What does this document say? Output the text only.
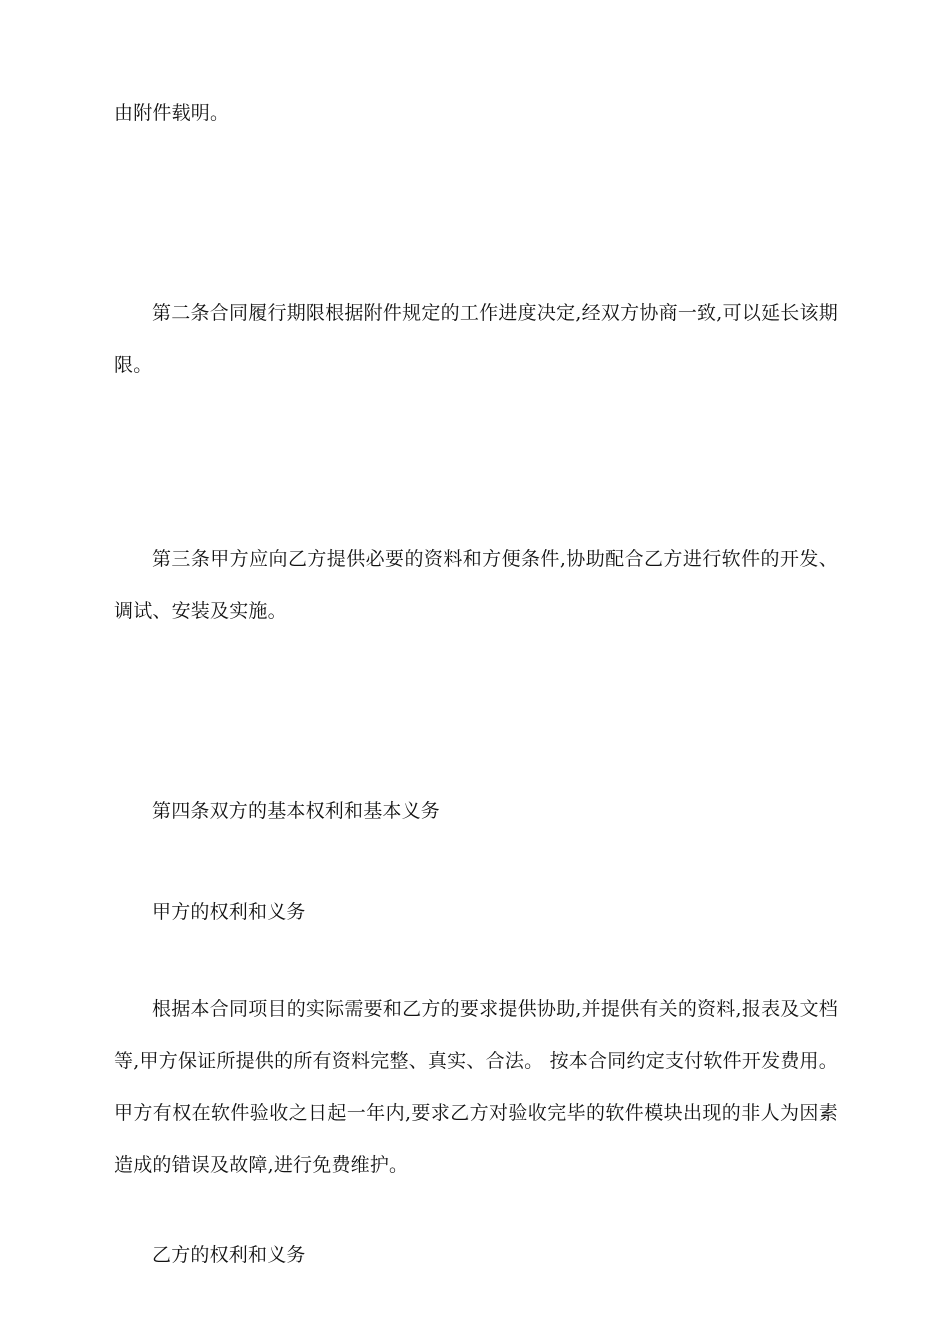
由附件载明。

第二条合同履行期限根据附件规定的工作进度决定,经双方协商一致,可以延长该期限。

第三条甲方应向乙方提供必要的资料和方便条件,协助配合乙方进行软件的开发、调试、安装及实施。

第四条双方的基本权利和基本义务

甲方的权利和义务

根据本合同项目的实际需要和乙方的要求提供协助,并提供有关的资料,报表及文档等,甲方保证所提供的所有资料完整、真实、合法。 按本合同约定支付软件开发费用。 甲方有权在软件验收之日起一年内,要求乙方对验收完毕的软件模块出现的非人为因素造成的错误及故障,进行免费维护。

乙方的权利和义务
